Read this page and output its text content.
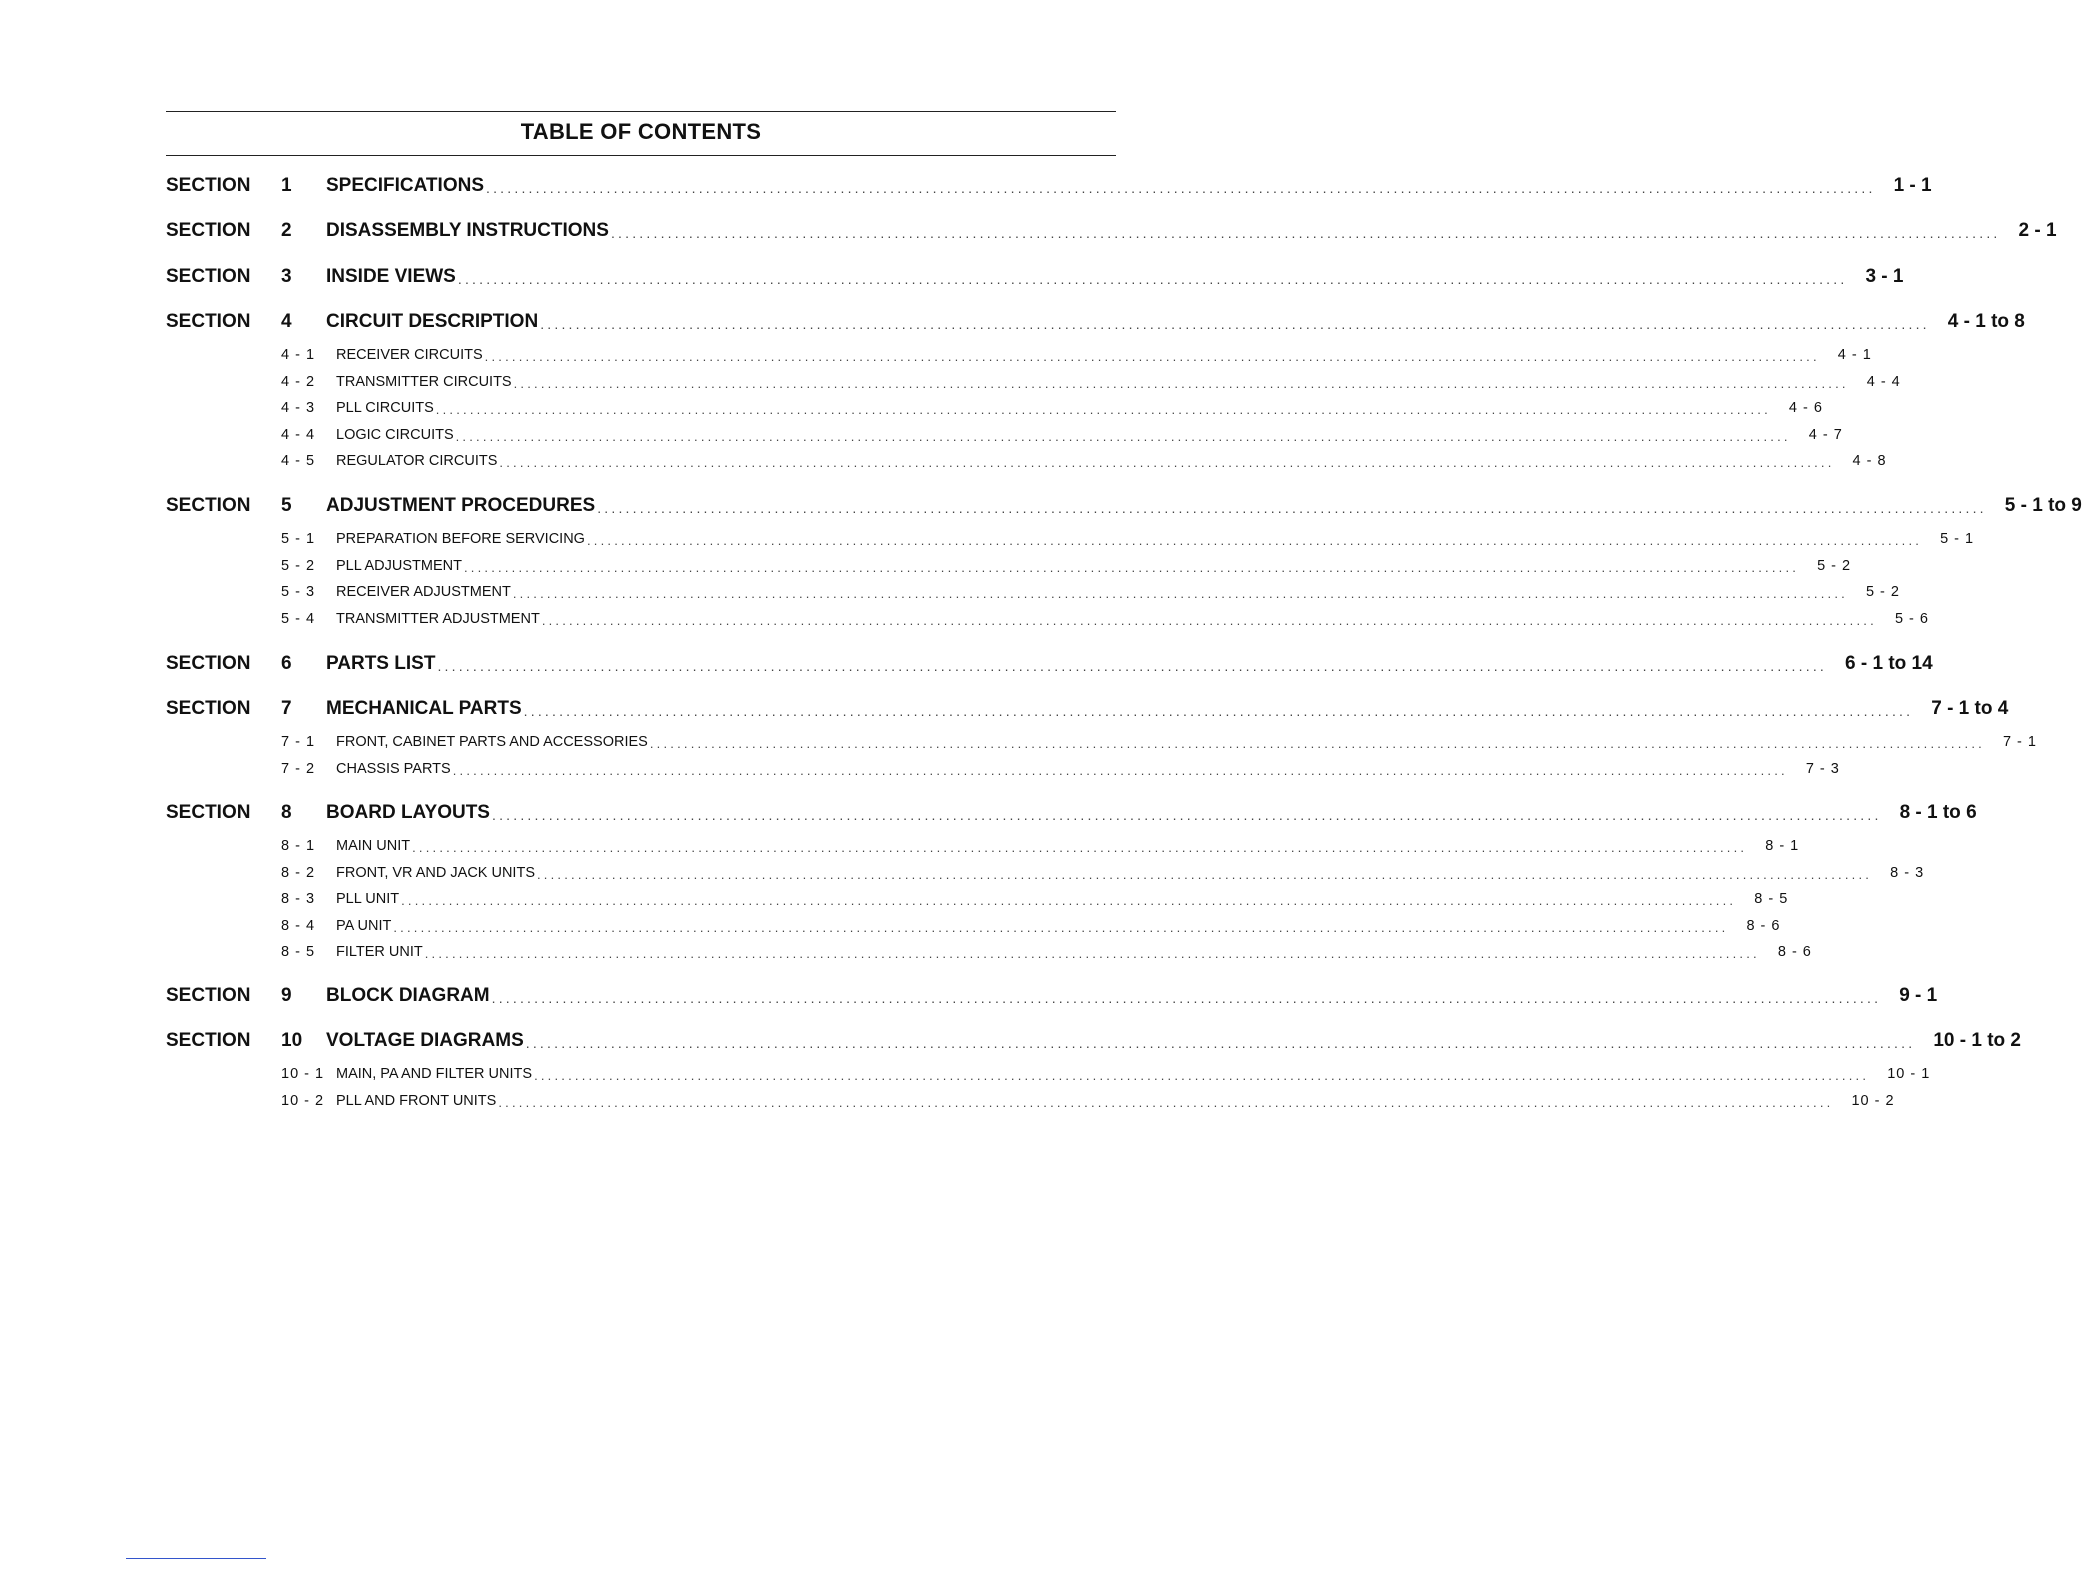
TABLE OF CONTENTS
SECTION 1 SPECIFICATIONS .................................................................................................................................................................................................... 1 - 1
SECTION 2 DISASSEMBLY INSTRUCTIONS .................................................................................................................................................................................................... 2 - 1
SECTION 3 INSIDE VIEWS .................................................................................................................................................................................................... 3 - 1
SECTION 4 CIRCUIT DESCRIPTION .................................................................................................................................................................................................... 4 - 1 to 8
4 - 1 RECEIVER CIRCUITS ....................................................................................................................................................................................................	4 - 1
4 - 2 TRANSMITTER CIRCUITS ....................................................................................................................................................................................................	4 - 4
4 - 3 PLL CIRCUITS ....................................................................................................................................................................................................	4 - 6
4 - 4 LOGIC CIRCUITS ....................................................................................................................................................................................................	4 - 7
4 - 5 REGULATOR CIRCUITS ....................................................................................................................................................................................................	4 - 8
SECTION 5 ADJUSTMENT PROCEDURES .................................................................................................................................................................................................... 5 - 1 to 9
5 - 1 PREPARATION BEFORE SERVICING ....................................................................................................................................................................................................	5 - 1
5 - 2 PLL ADJUSTMENT ....................................................................................................................................................................................................	5 - 2
5 - 3 RECEIVER ADJUSTMENT ....................................................................................................................................................................................................	5 - 2
5 - 4 TRANSMITTER ADJUSTMENT ....................................................................................................................................................................................................	5 - 6
SECTION 6 PARTS LIST .................................................................................................................................................................................................... 6 - 1 to 14
SECTION 7 MECHANICAL PARTS .................................................................................................................................................................................................... 7 - 1 to 4
7 - 1 FRONT, CABINET PARTS AND ACCESSORIES ....................................................................................................................................................................................................	7 - 1
7 - 2 CHASSIS PARTS ....................................................................................................................................................................................................	7 - 3
SECTION 8 BOARD LAYOUTS .................................................................................................................................................................................................... 8 - 1 to 6
8 - 1 MAIN UNIT ....................................................................................................................................................................................................	8 - 1
8 - 2 FRONT, VR AND JACK UNITS ....................................................................................................................................................................................................	8 - 3
8 - 3 PLL UNIT ....................................................................................................................................................................................................	8 - 5
8 - 4 PA UNIT ....................................................................................................................................................................................................	8 - 6
8 - 5 FILTER UNIT ....................................................................................................................................................................................................	8 - 6
SECTION 9 BLOCK DIAGRAM .................................................................................................................................................................................................... 9 - 1
SECTION 10 VOLTAGE DIAGRAMS .................................................................................................................................................................................................... 10 - 1 to 2
10 - 1 MAIN, PA AND FILTER UNITS ....................................................................................................................................................................................................	10 - 1
10 - 2 PLL AND FRONT UNITS ....................................................................................................................................................................................................	10 - 2
